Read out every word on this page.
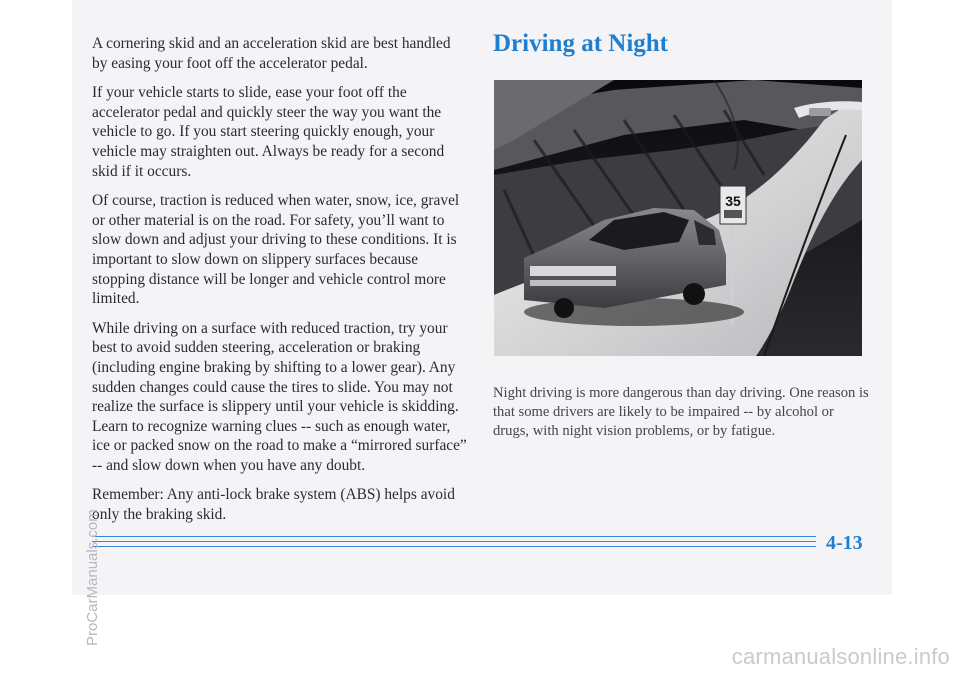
A cornering skid and an acceleration skid are best handled by easing your foot off the accelerator pedal.

If your vehicle starts to slide, ease your foot off the accelerator pedal and quickly steer the way you want the vehicle to go. If you start steering quickly enough, your vehicle may straighten out. Always be ready for a second skid if it occurs.

Of course, traction is reduced when water, snow, ice, gravel or other material is on the road. For safety, you’ll want to slow down and adjust your driving to these conditions. It is important to slow down on slippery surfaces because stopping distance will be longer and vehicle control more limited.

While driving on a surface with reduced traction, try your best to avoid sudden steering, acceleration or braking (including engine braking by shifting to a lower gear). Any sudden changes could cause the tires to slide. You may not realize the surface is slippery until your vehicle is skidding. Learn to recognize warning clues -- such as enough water, ice or packed snow on the road to make a “mirrored surface” -- and slow down when you have any doubt.

Remember: Any anti-lock brake system (ABS) helps avoid only the braking skid.

Driving at Night
35

Night driving is more dangerous than day driving. One reason is that some drivers are likely to be impaired -- by alcohol or drugs, with night vision problems, or by fatigue.

4-13

ProCarManuals.com
carmanualsonline.info
